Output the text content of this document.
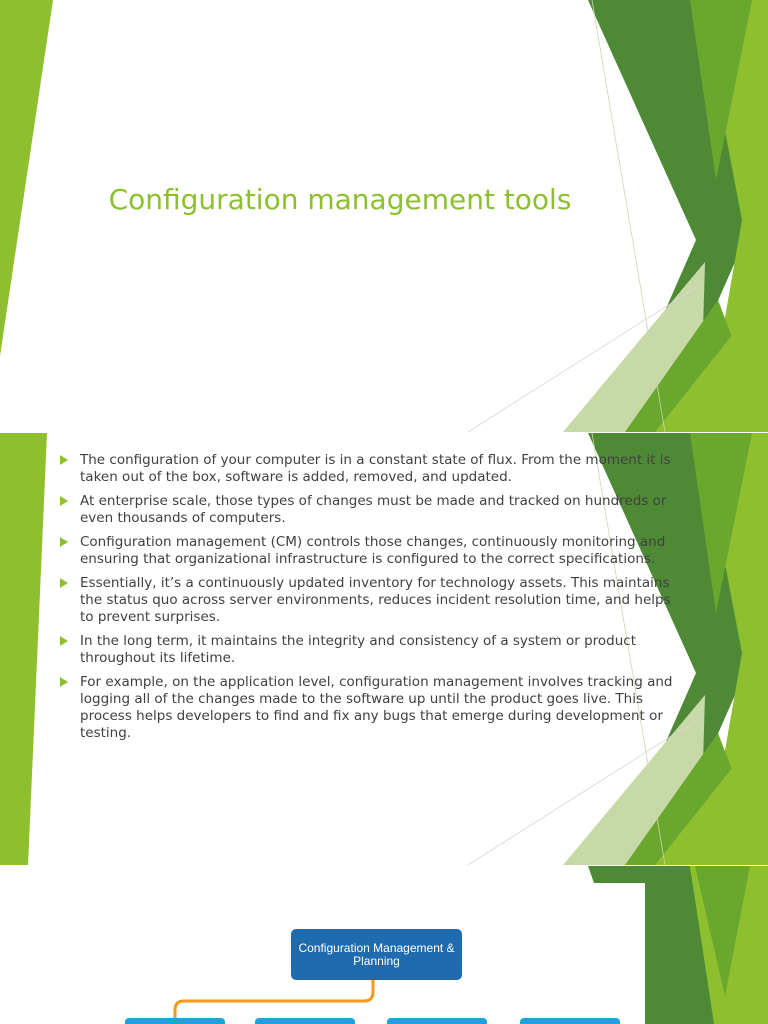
Configuration management tools
The configuration of your computer is in a constant state of flux. From the moment it is taken out of the box, software is added, removed, and updated.
At enterprise scale, those types of changes must be made and tracked on hundreds or even thousands of computers.
Configuration management (CM) controls those changes, continuously monitoring and ensuring that organizational infrastructure is configured to the correct specifications.
Essentially, it’s a continuously updated inventory for technology assets. This maintains the status quo across server environments, reduces incident resolution time, and helps to prevent surprises.
In the long term, it maintains the integrity and consistency of a system or product throughout its lifetime.
For example, on the application level, configuration management involves tracking and logging all of the changes made to the software up until the product goes live. This process helps developers to find and fix any bugs that emerge during development or testing.
Configuration Management & Planning
